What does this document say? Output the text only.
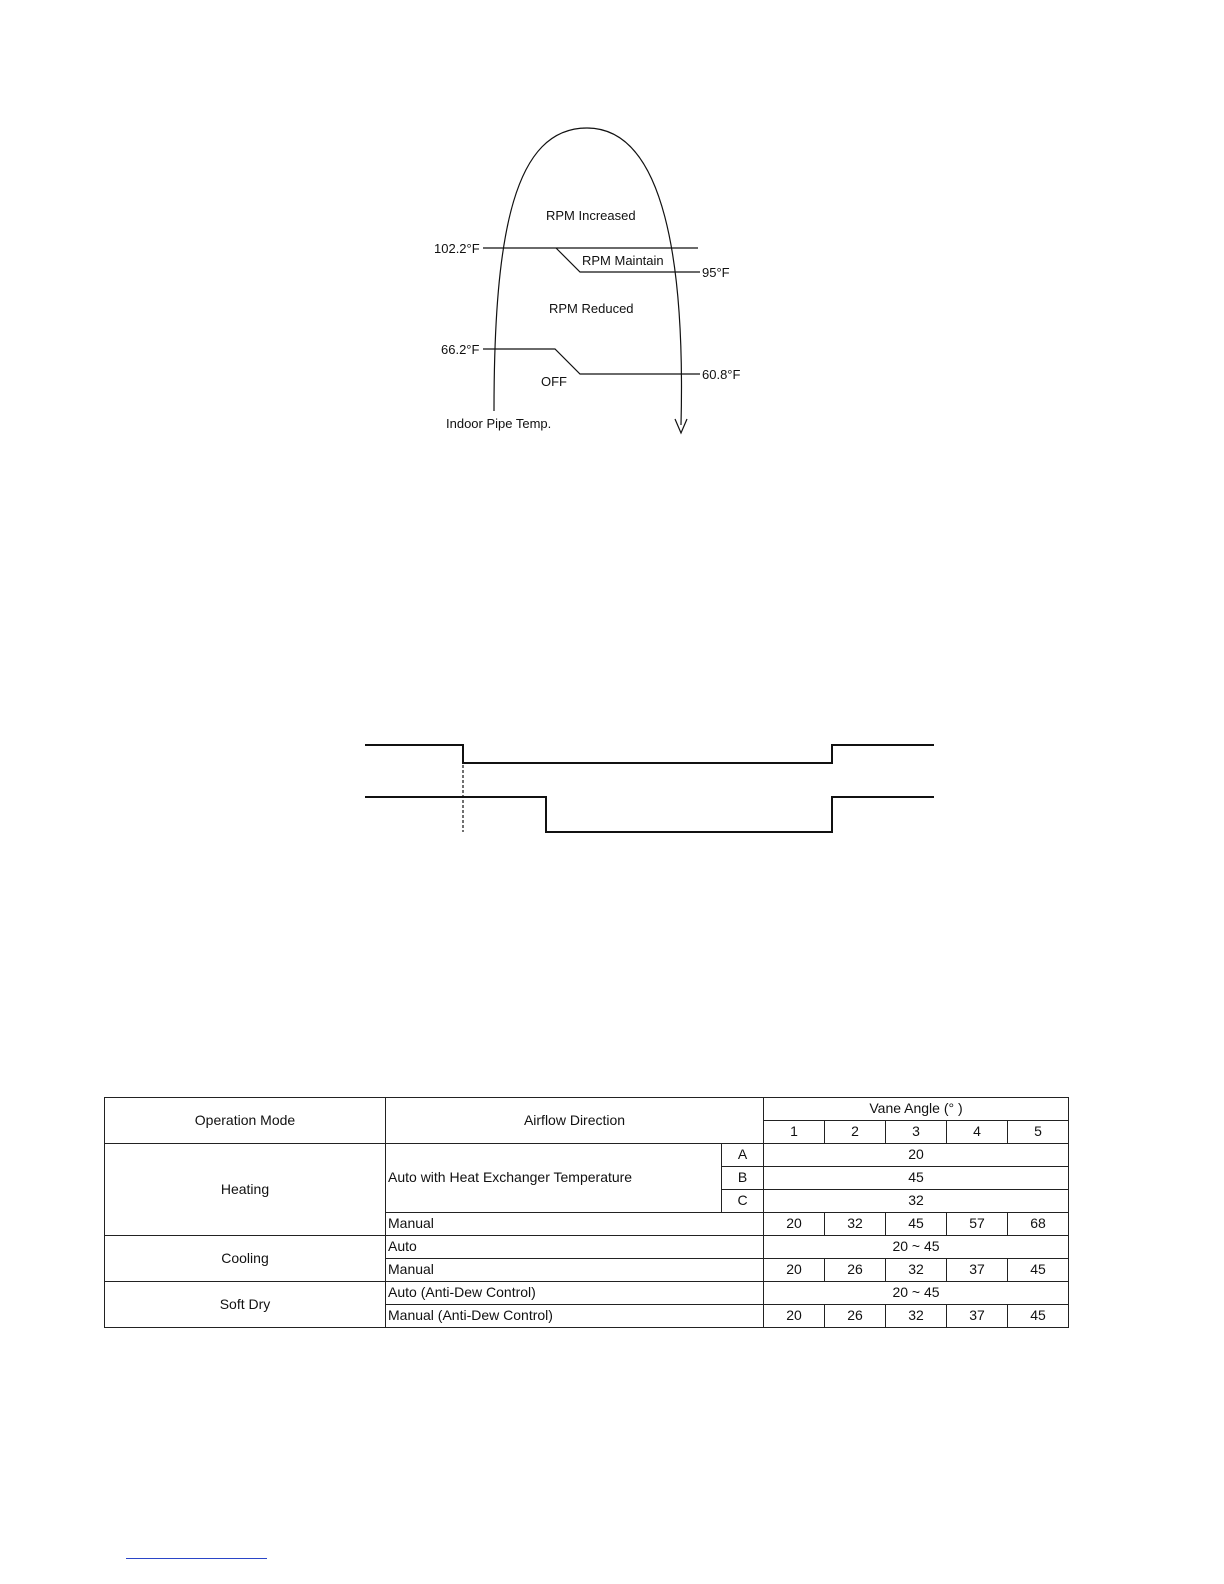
RPM Increased
RPM Maintain
RPM Reduced
OFF
102.2°F
95°F
66.2°F
60.8°F
Indoor Pipe Temp.
Operation Mode	Airflow Direction		Vane Angle (° )				
			1	2	3	4	5
Heating	Auto with Heat Exchanger Temperature	A	20				
		B	45				
		C	32				
	Manual		20	32	45	57	68
Cooling	Auto		20 ~ 45				
	Manual		20	26	32	37	45
Soft Dry	Auto (Anti-Dew Control)		20 ~ 45				
	Manual (Anti-Dew Control)		20	26	32	37	45
